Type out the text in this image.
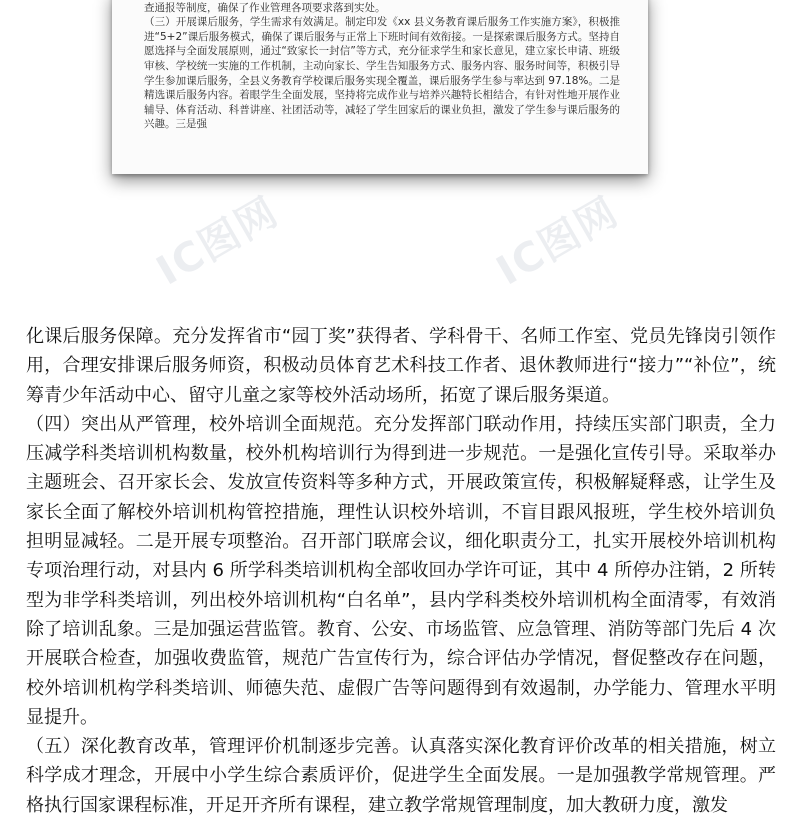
查通报等制度，确保了作业管理各项要求落到实处。

（三）开展课后服务，学生需求有效满足。制定印发《xx 县义务教育课后服务工作实施方案》，积极推进“5+2”课后服务模式，确保了课后服务与正常上下班时间有效衔接。一是探索课后服务方式。坚持自愿选择与全面发展原则，通过“致家长一封信”等方式，充分征求学生和家长意见，建立家长申请、班级审核、学校统一实施的工作机制，主动向家长、学生告知服务方式、服务内容、服务时间等，积极引导学生参加课后服务，全县义务教育学校课后服务实现全覆盖，课后服务学生参与率达到 97.18%。二是精选课后服务内容。着眼学生全面发展，坚持将完成作业与培养兴趣特长相结合，有针对性地开展作业辅导、体育活动、科普讲座、社团活动等，减轻了学生回家后的课业负担，激发了学生参与课后服务的兴趣。三是强

IC图网	IC图网

化课后服务保障。充分发挥省市“园丁奖”获得者、学科骨干、名师工作室、党员先锋岗引领作用，合理安排课后服务师资，积极动员体育艺术科技工作者、退休教师进行“接力”“补位”，统筹青少年活动中心、留守儿童之家等校外活动场所，拓宽了课后服务渠道。

（四）突出从严管理，校外培训全面规范。充分发挥部门联动作用，持续压实部门职责，全力压减学科类培训机构数量，校外机构培训行为得到进一步规范。一是强化宣传引导。采取举办主题班会、召开家长会、发放宣传资料等多种方式，开展政策宣传，积极解疑释惑，让学生及家长全面了解校外培训机构管控措施，理性认识校外培训，不盲目跟风报班，学生校外培训负担明显减轻。二是开展专项整治。召开部门联席会议，细化职责分工，扎实开展校外培训机构专项治理行动，对县内 6 所学科类培训机构全部收回办学许可证，其中 4 所停办注销，2 所转型为非学科类培训，列出校外培训机构“白名单”，县内学科类校外培训机构全面清零，有效消除了培训乱象。三是加强运营监管。教育、公安、市场监管、应急管理、消防等部门先后 4 次开展联合检查，加强收费监管，规范广告宣传行为，综合评估办学情况，督促整改存在问题，校外培训机构学科类培训、师德失范、虚假广告等问题得到有效遏制，办学能力、管理水平明显提升。

（五）深化教育改革，管理评价机制逐步完善。认真落实深化教育评价改革的相关措施，树立科学成才理念，开展中小学生综合素质评价，促进学生全面发展。一是加强教学常规管理。严格执行国家课程标准，开足开齐所有课程，建立教学常规管理制度，加大教研力度，激发
